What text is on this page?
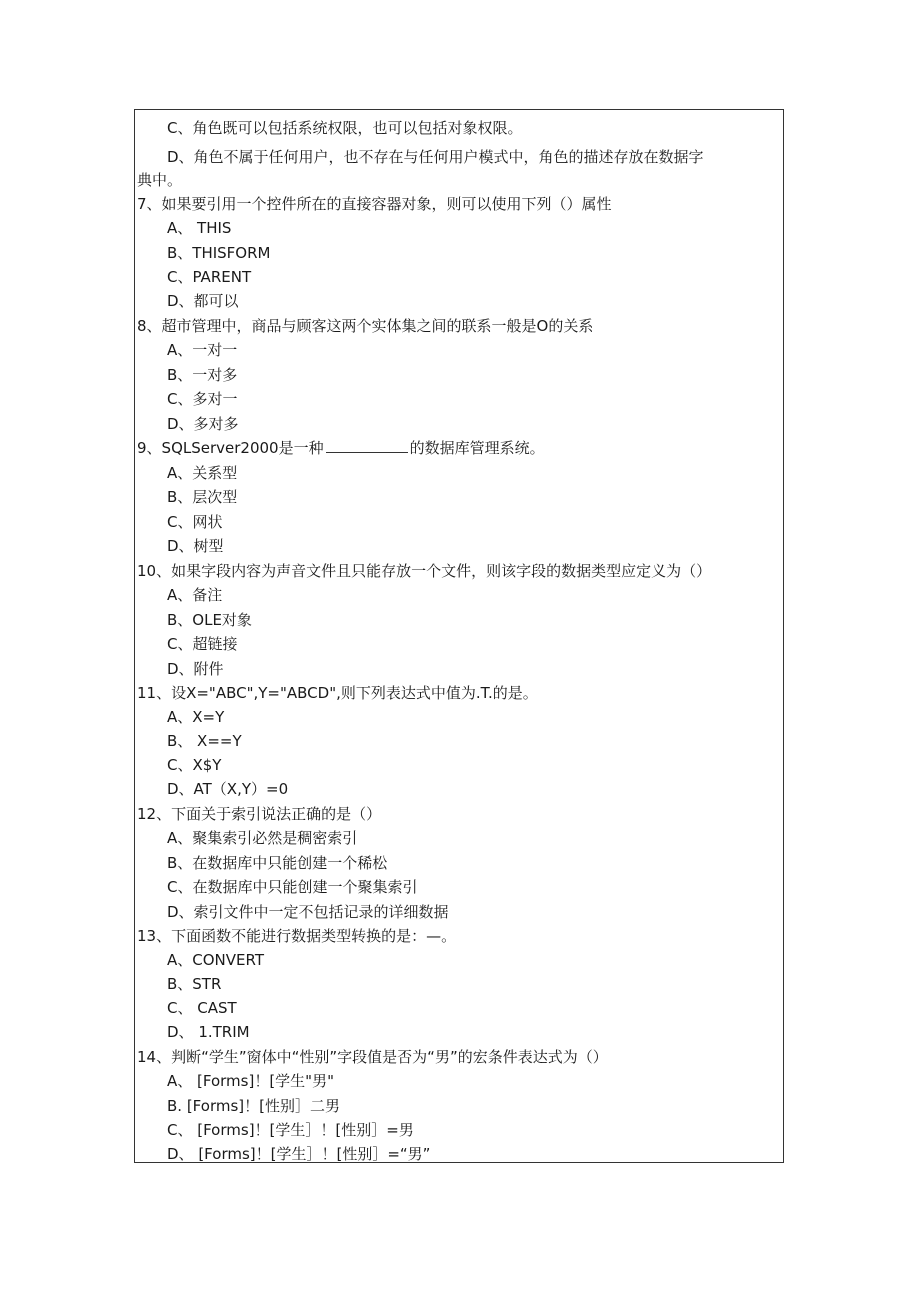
C、角色既可以包括系统权限，也可以包括对象权限。
D、角色不属于任何用户，也不存在与任何用户模式中，角色的描述存放在数据字
典中。
7、如果要引用一个控件所在的直接容器对象，则可以使用下列（）属性
A、 THIS
B、THISFORM
C、PARENT
D、都可以
8、超市管理中，商品与顾客这两个实体集之间的联系一般是O的关系
A、一对一
B、一对多
C、多对一
D、多对多
9、SQLServer2000是一种	的数据库管理系统。
A、关系型
B、层次型
C、网状
D、树型
10、如果字段内容为声音文件且只能存放一个文件，则该字段的数据类型应定义为（）
A、备注
B、OLE对象
C、超链接
D、附件
11、设X="ABC",Y="ABCD",则下列表达式中值为.T.的是。
A、X=Y
B、 X==Y
C、X$Y
D、AT（X,Y）=0
12、下面关于索引说法正确的是（）
A、聚集索引必然是稠密索引
B、在数据库中只能创建一个稀松
C、在数据库中只能创建一个聚集索引
D、索引文件中一定不包括记录的详细数据
13、下面函数不能进行数据类型转换的是：—。
A、CONVERT
B、STR
C、 CAST
D、 1.TRIM
14、判断“学生”窗体中“性别”字段值是否为“男”的宏条件表达式为（）
A、 [Forms]！[学生"男"
B. [Forms]！[性别］二男
C、 [Forms]！[学生］！[性别］=男
D、 [Forms]！[学生］！[性别］=“男”
